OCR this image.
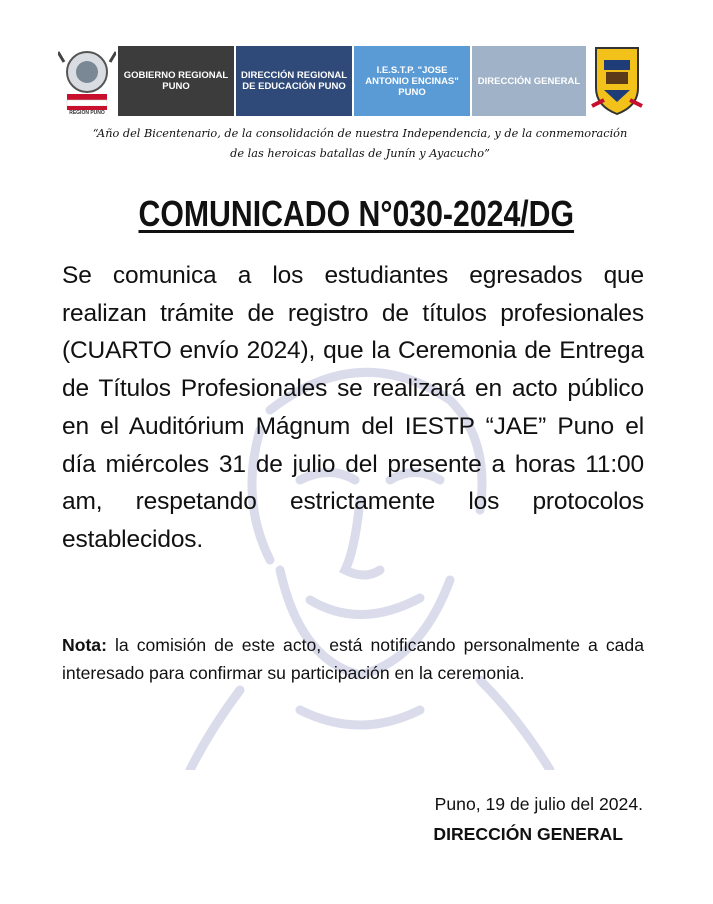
REGIÓN PUNO
GOBIERNO REGIONAL PUNO
DIRECCIÓN REGIONAL DE EDUCACIÓN PUNO
I.E.S.T.P. "JOSE ANTONIO ENCINAS" PUNO
DIRECCIÓN GENERAL
“Año del Bicentenario, de la consolidación de nuestra Independencia, y de la conmemoración
de las heroicas batallas de Junín y Ayacucho”
COMUNICADO N°030-2024/DG
Se comunica a los estudiantes egresados que realizan trámite de registro de títulos profesionales (CUARTO envío 2024), que la Ceremonia de Entrega de Títulos Profesionales se realizará en acto público en el Auditórium Mágnum del IESTP “JAE” Puno el día miércoles 31 de julio del presente a horas 11:00 am, respetando estrictamente los protocolos establecidos.
Nota: la comisión de este acto, está notificando personalmente a cada interesado para confirmar su participación en la ceremonia.
Puno, 19 de julio del 2024.
DIRECCIÓN GENERAL
